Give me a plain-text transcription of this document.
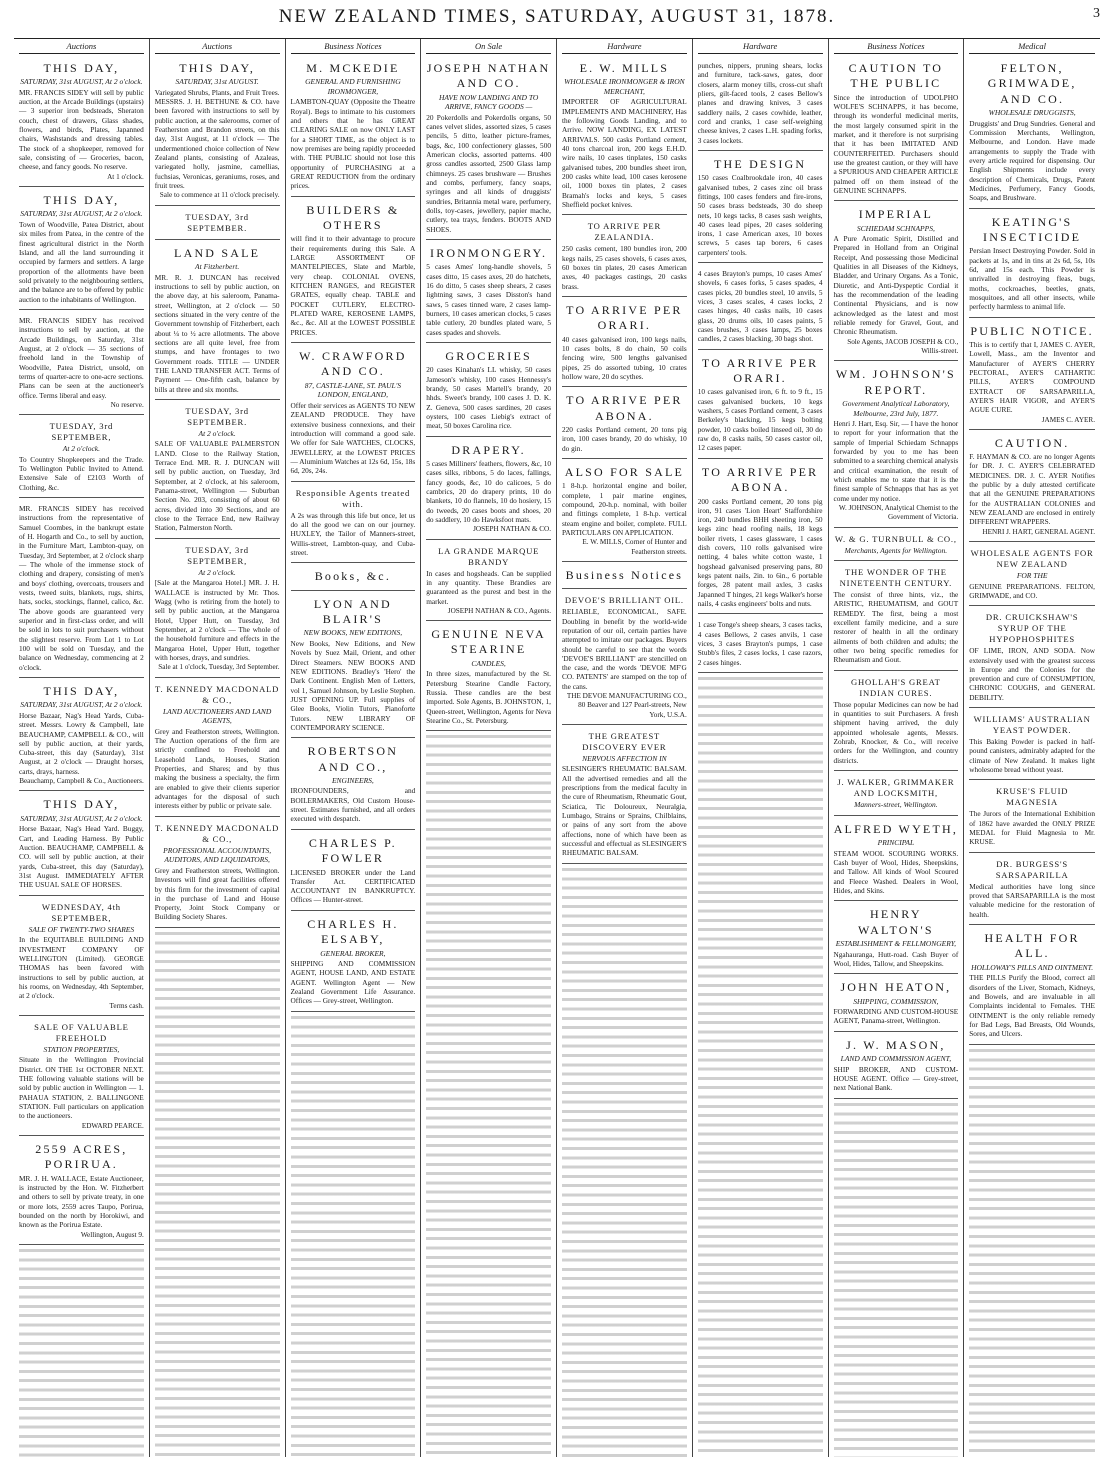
NEW ZEALAND TIMES, SATURDAY, AUGUST 31, 1878.	3
Auctions
THIS DAY,
SATURDAY, 31st AUGUST, At 2 o'clock.
MR. FRANCIS SIDEY will sell by public auction, at the Arcade Buildings (upstairs) — 3 superior iron bedsteads, Sheraton couch, chest of drawers, Glass shades, flowers, and birds, Plates, Japanned chairs, Washstands and dressing tables. The stock of a shopkeeper, removed for sale, consisting of — Groceries, bacon, cheese, and fancy goods. No reserve.
At 1 o'clock.
THIS DAY,
SATURDAY, 31st AUGUST, At 2 o'clock.
Town of Woodville, Patea District, about six miles from Patea, in the centre of the finest agricultural district in the North Island, and all the land surrounding it occupied by farmers and settlers. A large proportion of the allotments have been sold privately to the neighbouring settlers, and the balance are to be offered by public auction to the inhabitants of Wellington.
MR. FRANCIS SIDEY has received instructions to sell by auction, at the Arcade Buildings, on Saturday, 31st August, at 2 o'clock — 35 sections of freehold land in the Township of Woodville, Patea District, unsold, on terms of quarter-acre to one-acre sections. Plans can be seen at the auctioneer's office. Terms liberal and easy.
No reserve.
TUESDAY, 3rd SEPTEMBER,
At 2 o'clock.
To Country Shopkeepers and the Trade. To Wellington Public Invited to Attend. Extensive Sale of £2103 Worth of Clothing, &c.
MR. FRANCIS SIDEY has received instructions from the representative of Samuel Coombes, in the bankrupt estate of H. Hogarth and Co., to sell by auction, in the Furniture Mart, Lambton-quay, on Tuesday, 3rd September, at 2 o'clock sharp — The whole of the immense stock of clothing and drapery, consisting of men's and boys' clothing, overcoats, trousers and vests, tweed suits, blankets, rugs, shirts, hats, socks, stockings, flannel, calico, &c. The above goods are guaranteed very superior and in first-class order, and will be sold in lots to suit purchasers without the slightest reserve. From Lot 1 to Lot 100 will be sold on Tuesday, and the balance on Wednesday, commencing at 2 o'clock.
THIS DAY,
SATURDAY, 31st AUGUST, At 2 o'clock.
Horse Bazaar, Nag's Head Yards, Cuba-street. Messrs. Lowry & Campbell, late BEAUCHAMP, CAMPBELL & CO., will sell by public auction, at their yards, Cuba-street, this day (Saturday), 31st August, at 2 o'clock — Draught horses, carts, drays, harness.
Beauchamp, Campbell & Co., Auctioneers.
THIS DAY,
SATURDAY, 31st AUGUST, At 2 o'clock.
Horse Bazaar, Nag's Head Yard. Buggy, Cart, and Leading Harness. By Public Auction. BEAUCHAMP, CAMPBELL & CO. will sell by public auction, at their yards, Cuba-street, this day (Saturday), 31st August. IMMEDIATELY AFTER THE USUAL SALE OF HORSES.
WEDNESDAY, 4th SEPTEMBER,
SALE OF TWENTY-TWO SHARES
In the EQUITABLE BUILDING AND INVESTMENT COMPANY OF WELLINGTON (Limited). GEORGE THOMAS has been favored with instructions to sell by public auction, at his rooms, on Wednesday, 4th September, at 2 o'clock.
Terms cash.
SALE OF VALUABLE FREEHOLD
STATION PROPERTIES,
Situate in the Wellington Provincial District. ON THE 1st OCTOBER NEXT. THE following valuable stations will be sold by public auction in Wellington — 1. PAHAUA STATION, 2. BALLINGONE STATION. Full particulars on application to the auctioneers.
EDWARD PEARCE.
2559 ACRES, PORIRUA.
MR. J. H. WALLACE, Estate Auctioneer, is instructed by the Hon. W. Fitzherbert and others to sell by private treaty, in one or more lots, 2559 acres Taupo, Porirua, bounded on the north by Horokiwi, and known as the Porirua Estate.
Wellington, August 9.
Auctions
THIS DAY,
SATURDAY, 31st AUGUST.
Variegated Shrubs, Plants, and Fruit Trees. MESSRS. J. H. BETHUNE & CO. have been favored with instructions to sell by public auction, at the salerooms, corner of Featherston and Brandon streets, on this day, 31st August, at 11 o'clock — The undermentioned choice collection of New Zealand plants, consisting of Azaleas, variegated holly, jasmine, camellias, fuchsias, Veronicas, geraniums, roses, and fruit trees.
Sale to commence at 11 o'clock precisely.
TUESDAY, 3rd SEPTEMBER.
LAND SALE
At Fitzherbert.
MR. R. J. DUNCAN has received instructions to sell by public auction, on the above day, at his saleroom, Panama-street, Wellington, at 2 o'clock — 50 sections situated in the very centre of the Government township of Fitzherbert, each about ¼ to ½ acre allotments. The above sections are all quite level, free from stumps, and have frontages to two Government roads. TITLE — UNDER THE LAND TRANSFER ACT. Terms of Payment — One-fifth cash, balance by bills at three and six months.
TUESDAY, 3rd SEPTEMBER.
At 2 o'clock.
SALE OF VALUABLE PALMERSTON LAND. Close to the Railway Station, Terrace End. MR. R. J. DUNCAN will sell by public auction, on Tuesday, 3rd September, at 2 o'clock, at his saleroom, Panama-street, Wellington — Suburban Section No. 203, consisting of about 60 acres, divided into 30 Sections, and are close to the Terrace End, new Railway Station, Palmerston North.
TUESDAY, 3rd SEPTEMBER,
At 2 o'clock.
[Sale at the Mangaroa Hotel.] MR. J. H. WALLACE is instructed by Mr. Thos. Wagg (who is retiring from the hotel) to sell by public auction, at the Mangaroa Hotel, Upper Hutt, on Tuesday, 3rd September, at 2 o'clock — The whole of the household furniture and effects in the Mangaroa Hotel, Upper Hutt, together with horses, drays, and sundries.
Sale at 1 o'clock, Tuesday, 3rd September.
T. KENNEDY MACDONALD & CO.,
LAND AUCTIONEERS AND LAND AGENTS,
Grey and Featherston streets, Wellington. The Auction operations of the firm are strictly confined to Freehold and Leasehold Lands, Houses, Station Properties, and Shares; and by thus making the business a specialty, the firm are enabled to give their clients superior advantages for the disposal of such interests either by public or private sale.
T. KENNEDY MACDONALD & CO.,
PROFESSIONAL ACCOUNTANTS, AUDITORS, AND LIQUIDATORS,
Grey and Featherston streets, Wellington. Investors will find great facilities offered by this firm for the investment of capital in the purchase of Land and House Property, Joint Stock Company or Building Society Shares.
Business Notices
M. MCKEDIE
GENERAL AND FURNISHING IRONMONGER,
LAMBTON-QUAY (Opposite the Theatre Royal). Begs to intimate to his customers and others that he has GREAT CLEARING SALE on now ONLY LAST for a SHORT TIME, as the object is to now premises are being rapidly proceeded with. THE PUBLIC should not lose this opportunity of PURCHASING at a GREAT REDUCTION from the ordinary prices.
BUILDERS & OTHERS
will find it to their advantage to procure their requirements during this Sale. A LARGE ASSORTMENT OF MANTELPIECES, Slate and Marble, very cheap. COLONIAL OVENS, KITCHEN RANGES, and REGISTER GRATES, equally cheap. TABLE and POCKET CUTLERY, ELECTRO-PLATED WARE, KEROSENE LAMPS, &c., &c. All at the LOWEST POSSIBLE PRICES.
W. CRAWFORD AND CO.
87, CASTLE-LANE, ST. PAUL'S LONDON, ENGLAND,
Offer their services as AGENTS TO NEW ZEALAND PRODUCE. They have extensive business connexions, and their introduction will command a good sale. We offer for Sale WATCHES, CLOCKS, JEWELLERY, at the LOWEST PRICES — Aluminium Watches at 12s 6d, 15s, 18s 6d, 20s, 24s.
Responsible Agents treated with.
A 2s was through this life but once, let us do all the good we can on our journey. HUXLEY, the Tailor of Manners-street, Willis-street, Lambton-quay, and Cuba-street.
Books, &c.
LYON AND BLAIR'S
NEW BOOKS, NEW EDITIONS,
New Books, New Editions, and New Novels by Suez Mail, Orient, and other Direct Steamers. NEW BOOKS AND NEW EDITIONS. Bradley's 'Hero' the Dark Continent. English Men of Letters, vol 1, Samuel Johnson, by Leslie Stephen. JUST OPENING UP. Full supplies of Glee Books, Violin Tutors, Pianoforte Tutors. NEW LIBRARY OF CONTEMPORARY SCIENCE.
ROBERTSON AND CO.,
ENGINEERS,
IRONFOUNDERS, and BOILERMAKERS, Old Custom House-street. Estimates furnished, and all orders executed with despatch.
CHARLES P. FOWLER
LICENSED BROKER under the Land Transfer Act. CERTIFICATED ACCOUNTANT IN BANKRUPTCY. Offices — Hunter-street.
CHARLES H. ELSABY,
GENERAL BROKER,
SHIPPING AND COMMISSION AGENT, HOUSE LAND, AND ESTATE AGENT. Wellington Agent — New Zealand Government Life Assurance. Offices — Grey-street, Wellington.
On Sale
JOSEPH NATHAN AND CO.
HAVE NOW LANDING AND TO ARRIVE, FANCY GOODS —
20 Pokerdolls and Pokerdolls organs, 50 canes velvet slides, assorted sizes, 5 cases pencils, 5 ditto, leather picture-frames, bags, &c, 100 confectionery glasses, 500 American clocks, assorted patterns. 400 gross candles assorted, 2500 Glass lamp chimneys. 25 cases brushware — Brushes and combs, perfumery, fancy soaps, syringes and all kinds of druggists' sundries, Britannia metal ware, perfumery, dolls, toy-cases, jewellery, papier mache, cutlery, tea trays, fenders. BOOTS AND SHOES.
IRONMONGERY.
5 cases Ames' long-handle shovels, 5 cases ditto, 15 cases axes, 20 do hatchets, 16 do ditto, 5 cases sheep shears, 2 cases lightning saws, 3 cases Disston's hand saws, 5 cases tinned ware, 2 cases lamp-burners, 10 cases american clocks, 5 cases table cutlery, 20 bundles plated ware, 5 cases spades and shovels.
GROCERIES
20 cases Kinahan's LL whisky, 50 cases Jameson's whisky, 100 cases Hennessy's brandy, 50 cases Martell's brandy, 20 hhds. Sweet's brandy, 100 cases J. D. K. Z. Geneva, 500 cases sardines, 20 cases oysters, 100 cases Liebig's extract of meat, 50 boxes Carolina rice.
DRAPERY.
5 cases Milliners' feathers, flowers, &c, 10 cases silks, ribbons, 5 do laces, fallings, fancy goods, &c, 10 do calicoes, 5 do cambrics, 20 do drapery prints, 10 do blankets, 10 do flannels, 10 do hosiery, 15 do tweeds, 20 cases boots and shoes, 20 do saddlery, 10 do Hawksfoot mats.
JOSEPH NATHAN & CO.
LA GRANDE MARQUE BRANDY
In cases and hogsheads. Can be supplied in any quantity. These Brandies are guaranteed as the purest and best in the market.
JOSEPH NATHAN & CO., Agents.
GENUINE NEVA STEARINE
CANDLES,
In three sizes, manufactured by the St. Petersburg Stearine Candle Factory, Russia. These candles are the best imported. Sole Agents, B. JOHNSTON, 1, Queen-street, Wellington, Agents for Neva Stearine Co., St. Petersburg.
Hardware
E. W. MILLS
WHOLESALE IRONMONGER & IRON MERCHANT,
IMPORTER OF AGRICULTURAL IMPLEMENTS AND MACHINERY, Has the following Goods Landing, and to Arrive. NOW LANDING, EX LATEST ARRIVALS. 500 casks Portland cement, 40 tons charcoal iron, 200 kegs E.H.D. wire nails, 10 cases tinplates, 150 casks galvanised tubes, 200 bundles sheet iron, 200 casks white lead, 100 cases kerosene oil, 1000 boxes tin plates, 2 cases Bramah's locks and keys, 5 cases Sheffield pocket knives.
TO ARRIVE PER ZEALANDIA.
250 casks cement, 180 bundles iron, 200 kegs nails, 25 cases shovels, 6 cases axes, 60 boxes tin plates, 20 cases American axes, 40 packages castings, 20 casks brass.
TO ARRIVE PER ORARI.
40 cases galvanised iron, 100 kegs nails, 10 cases bolts, 8 do chain, 50 coils fencing wire, 500 lengths galvanised pipes, 25 do assorted tubing, 10 crates hollow ware, 20 do scythes.
TO ARRIVE PER ABONA.
220 casks Portland cement, 20 tons pig iron, 100 cases brandy, 20 do whisky, 10 do gin.
ALSO FOR SALE
1 8-h.p. horizontal engine and boiler, complete, 1 pair marine engines, compound, 20-h.p. nominal, with boiler and fittings complete, 1 8-h.p. vertical steam engine and boiler, complete. FULL PARTICULARS ON APPLICATION.
E. W. MILLS, Corner of Hunter and Featherston streets.
Business Notices
DEVOE'S BRILLIANT OIL.
RELIABLE, ECONOMICAL, SAFE. Doubling in benefit by the world-wide reputation of our oil, certain parties have attempted to imitate our packages. Buyers should be careful to see that the words 'DEVOE'S BRILLIANT' are stencilled on the case, and the words 'DEVOE MF'G CO. PATENTS' are stamped on the top of the cans.
THE DEVOE MANUFACTURING CO., 80 Beaver and 127 Pearl-streets, New York, U.S.A.
THE GREATEST DISCOVERY EVER
NERVOUS AFFECTION IN
SLESINGER'S RHEUMATIC BALSAM. All the advertised remedies and all the prescriptions from the medical faculty in the cure of Rheumatism, Rheumatic Gout, Sciatica, Tic Doloureux, Neuralgia, Lumbago, Strains or Sprains, Chilblains, or pains of any sort from the above affections, none of which have been as successful and effectual as SLESINGER'S RHEUMATIC BALSAM.
Hardware
punches, nippers, pruning shears, locks and furniture, tack-saws, gates, door closers, alarm money tills, cross-cut shaft pliers, gilt-faced tools, 2 cases Bellow's planes and drawing knives, 3 cases saddlery nails, 2 cases cowhide, leather, cord and cranks, 1 case self-weighing cheese knives, 2 cases L.H. spading forks, 3 cases lockets.
THE DESIGN
150 cases Coalbrookdale iron, 40 cases galvanised tubes, 2 cases zinc oil brass fittings, 100 cases fenders and fire-irons, 50 cases brass bedsteads, 30 do sheep nets, 10 kegs tacks, 8 cases sash weights, 40 cases lead pipes, 20 cases soldering irons, 1 case American axes, 10 boxes screws, 5 cases tap borers, 6 cases carpenters' tools.
4 cases Brayton's pumps, 10 cases Ames' shovels, 6 cases forks, 5 cases spades, 4 cases picks, 20 bundles steel, 10 anvils, 5 vices, 3 cases scales, 4 cases locks, 2 cases hinges, 40 casks nails, 10 cases glass, 20 drums oils, 10 cases paints, 5 cases brushes, 3 cases lamps, 25 boxes candles, 2 cases blacking, 30 bags shot.
TO ARRIVE PER ORARI.
10 cases galvanised iron, 6 ft. to 9 ft., 15 cases galvanised buckets, 10 kegs washers, 5 cases Portland cement, 3 cases Berkeley's blacking, 15 kegs bolting powder, 10 casks boiled linseed oil, 30 do raw do, 8 casks nails, 50 cases castor oil, 12 cases paper.
TO ARRIVE PER ABONA.
200 casks Portland cement, 20 tons pig iron, 91 cases 'Lion Heart' Staffordshire iron, 240 bundles BHH sheeting iron, 50 kegs zinc head roofing nails, 18 kegs boiler rivets, 1 cases glassware, 1 cases dish covers, 110 rolls galvanised wire netting, 4 bales white cotton waste, 1 hogshead galvanised preserving pans, 80 kegs patent nails, 2in. to 6in., 6 portable forges, 28 patent mail axles, 3 casks Japanned T hinges, 21 kegs Walker's horse nails, 4 casks engineers' bolts and nuts.
1 case Tonge's sheep shears, 3 cases tacks, 4 cases Bellows, 2 cases anvils, 1 case vices, 3 cases Brayton's pumps, 1 case Stubb's files, 2 cases locks, 1 case razors, 2 cases hinges.
Business Notices
CAUTION TO THE PUBLIC
Since the introduction of UDOLPHO WOLFE'S SCHNAPPS, it has become, through its wonderful medicinal merits, the most largely consumed spirit in the market, and it therefore is not surprising that it has been IMITATED AND COUNTERFEITED. Purchasers should use the greatest caution, or they will have a SPURIOUS AND CHEAPER ARTICLE palmed off on them instead of the GENUINE SCHNAPPS.
IMPERIAL
SCHIEDAM SCHNAPPS,
A Pure Aromatic Spirit, Distilled and Prepared in Holland from an Original Receipt, And possessing those Medicinal Qualities in all Diseases of the Kidneys, Bladder, and Urinary Organs. As a Tonic, Diuretic, and Anti-Dyspeptic Cordial it has the recommendation of the leading Continental Physicians, and is now acknowledged as the latest and most reliable remedy for Gravel, Gout, and Chronic Rheumatism.
Sole Agents, JACOB JOSEPH & CO., Willis-street.
WM. JOHNSON'S REPORT.
Government Analytical Laboratory, Melbourne, 23rd July, 1877.
Henri J. Hart, Esq. Sir, — I have the honor to report for your information that the sample of Imperial Schiedam Schnapps forwarded by you to me has been submitted to a searching chemical analysis and critical examination, the result of which enables me to state that it is the finest sample of Schnapps that has as yet come under my notice.
W. JOHNSON, Analytical Chemist to the Government of Victoria.
W. & G. TURNBULL & CO.,
Merchants, Agents for Wellington.
THE WONDER OF THE NINETEENTH CENTURY.
The consist of three hints, viz., the ARISTIC, RHEUMATISM, and GOUT REMEDY. The first, being a most excellent family medicine, and a sure restorer of health in all the ordinary ailments of both children and adults; the other two being specific remedies for Rheumatism and Gout.
GHOLLAH'S GREAT INDIAN CURES.
Those popular Medicines can now be had in quantities to suit Purchasers. A fresh shipment having arrived, the duly appointed wholesale agents, Messrs. Zohrab, Knocker, & Co., will receive orders for the Wellington, and country districts.
J. WALKER, GRIMMAKER AND LOCKSMITH,
Manners-street, Wellington.
ALFRED WYETH,
PRINCIPAL
STEAM WOOL SCOURING WORKS. Cash buyer of Wool, Hides, Sheepskins, and Tallow. All kinds of Wool Scoured and Fleece Washed. Dealers in Wool, Hides, and Skins.
HENRY WALTON'S
ESTABLISHMENT & FELLMONGERY,
Ngahauranga, Hutt-road. Cash Buyer of Wool, Hides, Tallow, and Sheepskins.
JOHN HEATON,
SHIPPING, COMMISSION,
FORWARDING AND CUSTOM-HOUSE AGENT, Panama-street, Wellington.
J. W. MASON,
LAND AND COMMISSION AGENT,
SHIP BROKER, AND CUSTOM-HOUSE AGENT. Office — Grey-street, next National Bank.
Medical
FELTON, GRIMWADE, AND CO.
WHOLESALE DRUGGISTS,
Druggists' and Drug Sundries. General and Commission Merchants, Wellington, Melbourne, and London. Have made arrangements to supply the Trade with every article required for dispensing. Our English Shipments include every description of Chemicals, Drugs, Patent Medicines, Perfumery, Fancy Goods, Soaps, and Brushware.
KEATING'S INSECTICIDE
Persian Insect Destroying Powder. Sold in packets at 1s, and in tins at 2s 6d, 5s, 10s 6d, and 15s each. This Powder is unrivalled in destroying fleas, bugs, moths, cockroaches, beetles, gnats, mosquitoes, and all other insects, while perfectly harmless to animal life.
PUBLIC NOTICE.
This is to certify that I, JAMES C. AYER, Lowell, Mass., am the Inventor and Manufacturer of AYER'S CHERRY PECTORAL, AYER'S CATHARTIC PILLS, AYER'S COMPOUND EXTRACT OF SARSAPARILLA, AYER'S HAIR VIGOR, and AYER'S AGUE CURE.
JAMES C. AYER.
CAUTION.
F. HAYMAN & CO. are no longer Agents for DR. J. C. AYER'S CELEBRATED MEDICINES. DR. J. C. AYER Notifies the public by a duly attested certificate that all the GENUINE PREPARATIONS for the AUSTRALIAN COLONIES and NEW ZEALAND are enclosed in entirely DIFFERENT WRAPPERS.
HENRI J. HART, GENERAL AGENT.
WHOLESALE AGENTS FOR NEW ZEALAND
FOR THE
GENUINE PREPARATIONS. FELTON, GRIMWADE, and CO.
DR. CRUICKSHAW'S SYRUP OF THE HYPOPHOSPHITES
OF LIME, IRON, AND SODA. Now extensively used with the greatest success in Europe and the Colonies for the prevention and cure of CONSUMPTION, CHRONIC COUGHS, and GENERAL DEBILITY.
WILLIAMS' AUSTRALIAN YEAST POWDER.
This Baking Powder is packed in half-pound canisters, admirably adapted for the climate of New Zealand. It makes light wholesome bread without yeast.
KRUSE'S FLUID MAGNESIA
The Jurors of the International Exhibition of 1862 have awarded the ONLY PRIZE MEDAL for Fluid Magnesia to Mr. KRUSE.
DR. BURGESS'S SARSAPARILLA
Medical authorities have long since proved that SARSAPARILLA is the most valuable medicine for the restoration of health.
HEALTH FOR ALL.
HOLLOWAY'S PILLS AND OINTMENT.
THE PILLS Purify the Blood, correct all disorders of the Liver, Stomach, Kidneys, and Bowels, and are invaluable in all Complaints incidental to Females. THE OINTMENT is the only reliable remedy for Bad Legs, Bad Breasts, Old Wounds, Sores, and Ulcers.
